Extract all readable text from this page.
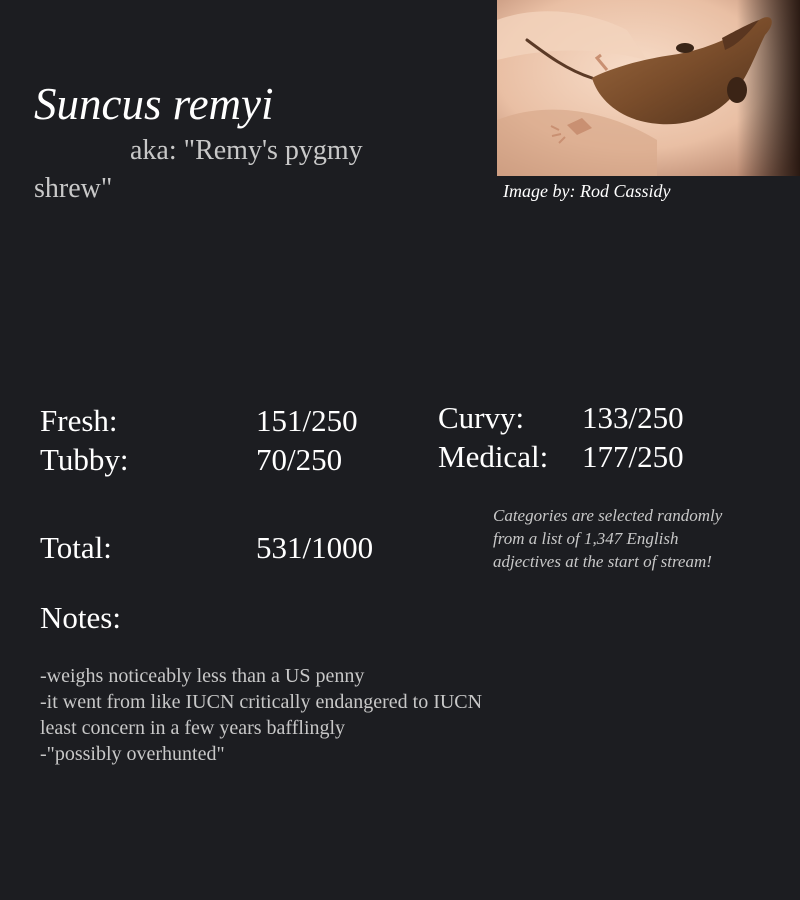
Suncus remyi
aka: "Remy's pygmy shrew"	Image by: Rod Cassidy
Fresh:	151/250
Tubby:	70/250
Curvy: 133/250
Medical: 177/250
Total:	531/1000
Categories are selected randomly from a list of 1,347 English adjectives at the start of stream!
Notes:
-weighs noticeably less than a US penny
-it went from like IUCN critically endangered to IUCN least concern in a few years bafflingly
-"possibly overhunted"
